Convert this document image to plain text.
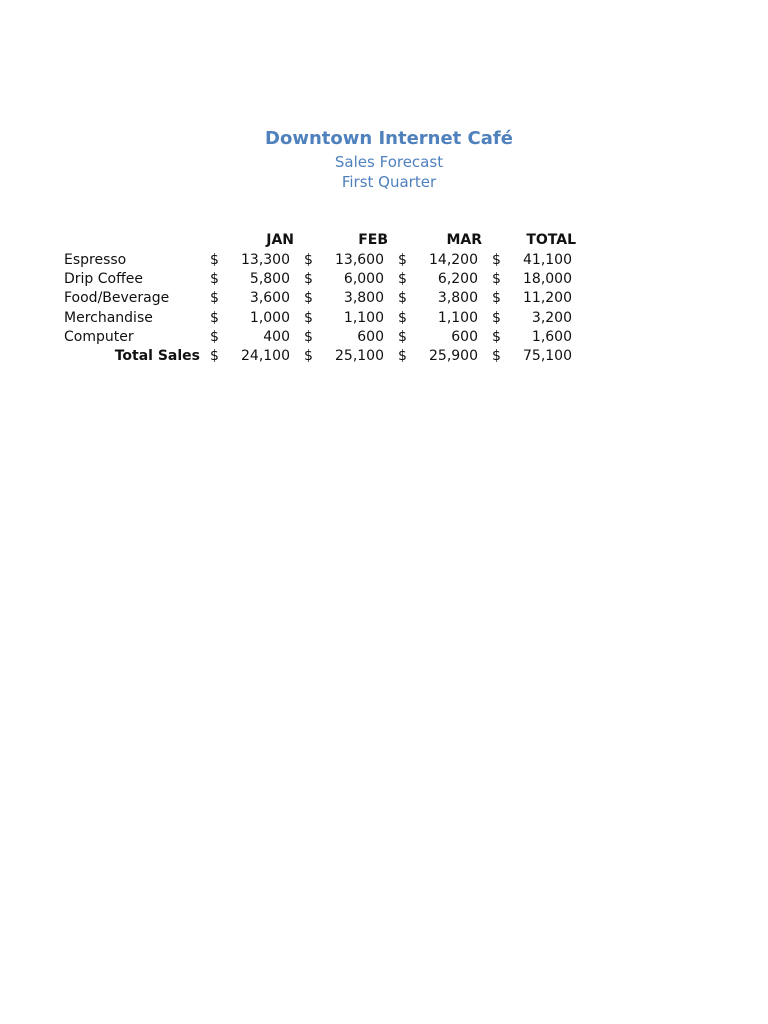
Downtown Internet Café
Sales Forecast
First Quarter
JAN	FEB	MAR	TOTAL
Espresso	$	13,300 $	13,600 $	14,200 $	41,100
Drip Coffee	$	5,800 $	6,000 $	6,200 $	18,000
Food/Beverage	$	3,600 $	3,800 $	3,800 $	11,200
Merchandise	$	1,000 $	1,100 $	1,100 $	3,200
Computer	$	400 $	600 $	600 $	1,600
Total Sales $	24,100 $	25,100 $	25,900 $	75,100
